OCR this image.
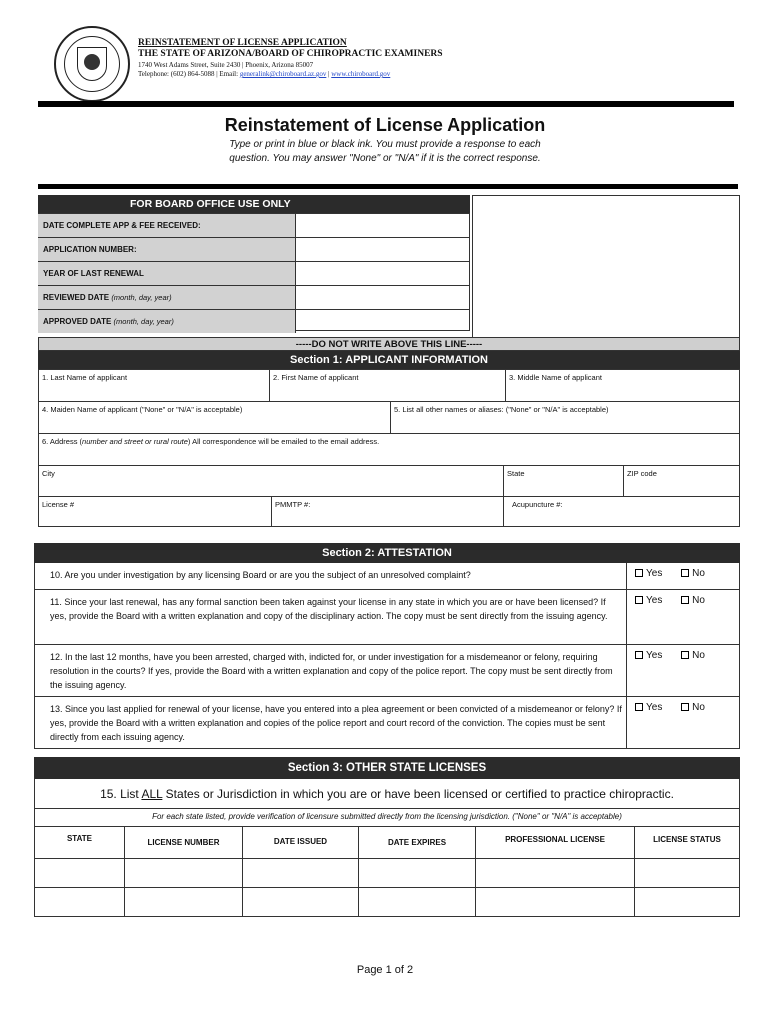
REINSTATEMENT OF LICENSE APPLICATION
THE STATE OF ARIZONA/BOARD OF CHIROPRACTIC EXAMINERS
1740 West Adams Street, Suite 2430 | Phoenix, Arizona 85007
Telephone: (602) 864-5088 | Email: generalink@chiroboard.az.gov | www.chiroboard.gov
Reinstatement of License Application
Type or print in blue or black ink. You must provide a response to each
question. You may answer "None" or "N/A" if it is the correct response.
FOR BOARD OFFICE USE ONLY
DATE COMPLETE APP & FEE RECEIVED:
APPLICATION NUMBER:
YEAR OF LAST RENEWAL
REVIEWED DATE (month, day, year)
APPROVED DATE (month, day, year)
-----DO NOT WRITE ABOVE THIS LINE-----
Section 1: APPLICANT INFORMATION
1. Last Name of applicant	2. First Name of applicant	3. Middle Name of applicant
4. Maiden Name of applicant ("None" or "N/A" is acceptable)	5. List all other names or aliases: ("None" or "N/A" is acceptable)
6. Address (number and street or rural route) All correspondence will be emailed to the email address.
City	State	ZIP code
License #	PMMTP #:	Acupuncture #:
Section 2: ATTESTATION
10. Are you under investigation by any licensing Board or are you the subject of an unresolved complaint?	Yes	No
11. Since your last renewal, has any formal sanction been taken against your license in any state in which you are or have been licensed? If yes, provide the Board with a written explanation and copy of the disciplinary action. The copy must be sent directly from the issuing agency.
Yes	No
12. In the last 12 months, have you been arrested, charged with, indicted for, or under investigation for a misdemeanor or felony, requiring resolution in the courts? If yes, provide the Board with a written explanation and copy of the police report. The copy must be sent directly from the issuing agency.
Yes	No
13. Since you last applied for renewal of your license, have you entered into a plea agreement or been convicted of a misdemeanor or felony? If yes, provide the Board with a written explanation and copies of the police report and court record of the conviction. The copies must be sent directly from each issuing agency.
Yes	No
Section 3: OTHER STATE LICENSES
15. List ALL States or Jurisdiction in which you are or have been licensed or certified to practice chiropractic.
For each state listed, provide verification of licensure submitted directly from the licensing jurisdiction. ("None" or "N/A" is acceptable)
STATE	LICENSE NUMBER	DATE ISSUED	DATE EXPIRES	PROFESSIONAL LICENSE	LICENSE STATUS
Page 1 of 2
